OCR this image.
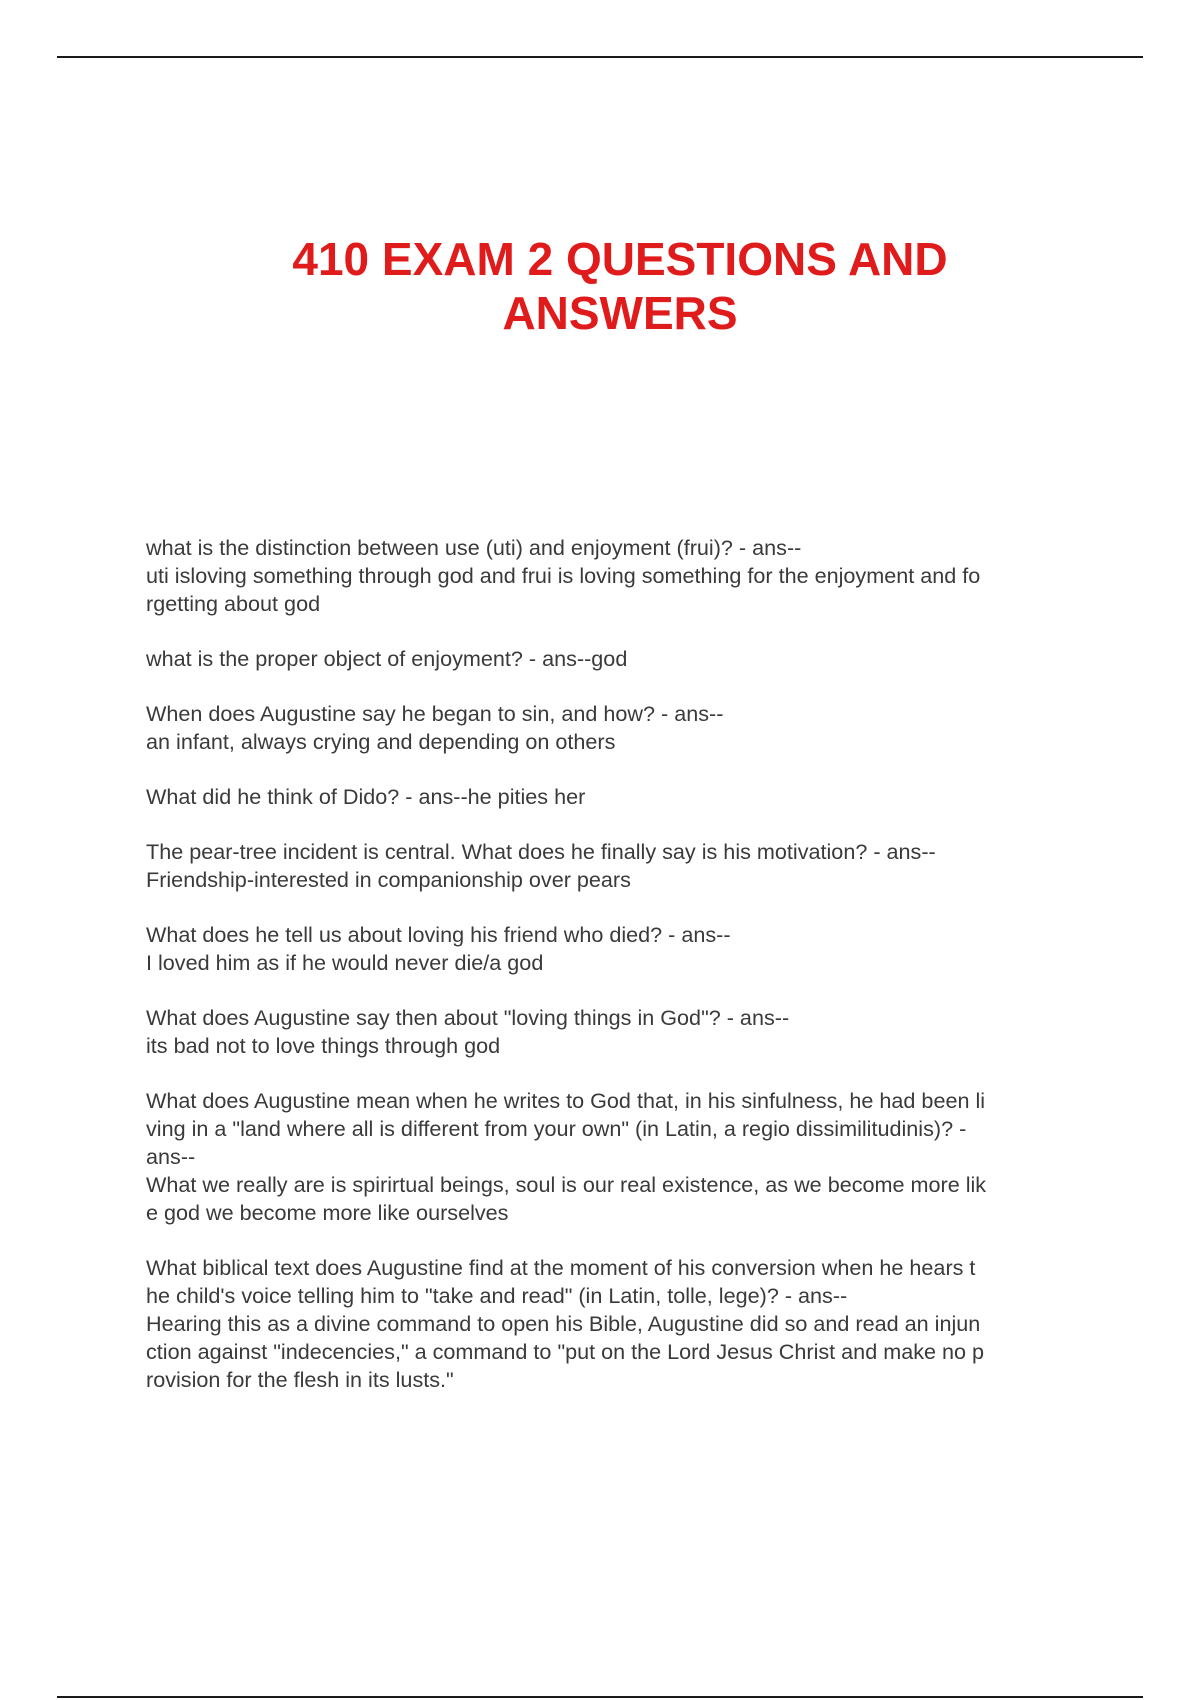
410 EXAM 2 QUESTIONS AND
ANSWERS
what is the distinction between use (uti) and enjoyment (frui)? - ans--
uti isloving something through god and frui is loving something for the enjoyment and fo
rgetting about god
what is the proper object of enjoyment? - ans--god
When does Augustine say he began to sin, and how? - ans--
an infant, always crying and depending on others
What did he think of Dido? - ans--he pities her
The pear-tree incident is central. What does he finally say is his motivation? - ans--
Friendship-interested in companionship over pears
What does he tell us about loving his friend who died? - ans--
I loved him as if he would never die/a god
What does Augustine say then about "loving things in God"? - ans--
its bad not to love things through god
What does Augustine mean when he writes to God that, in his sinfulness, he had been li
ving in a "land where all is different from your own" (in Latin, a regio dissimilitudinis)? -
ans--
What we really are is spirirtual beings, soul is our real existence, as we become more lik
e god we become more like ourselves
What biblical text does Augustine find at the moment of his conversion when he hears t
he child's voice telling him to "take and read" (in Latin, tolle, lege)? - ans--
Hearing this as a divine command to open his Bible, Augustine did so and read an injun
ction against "indecencies," a command to "put on the Lord Jesus Christ and make no p
rovision for the flesh in its lusts."
